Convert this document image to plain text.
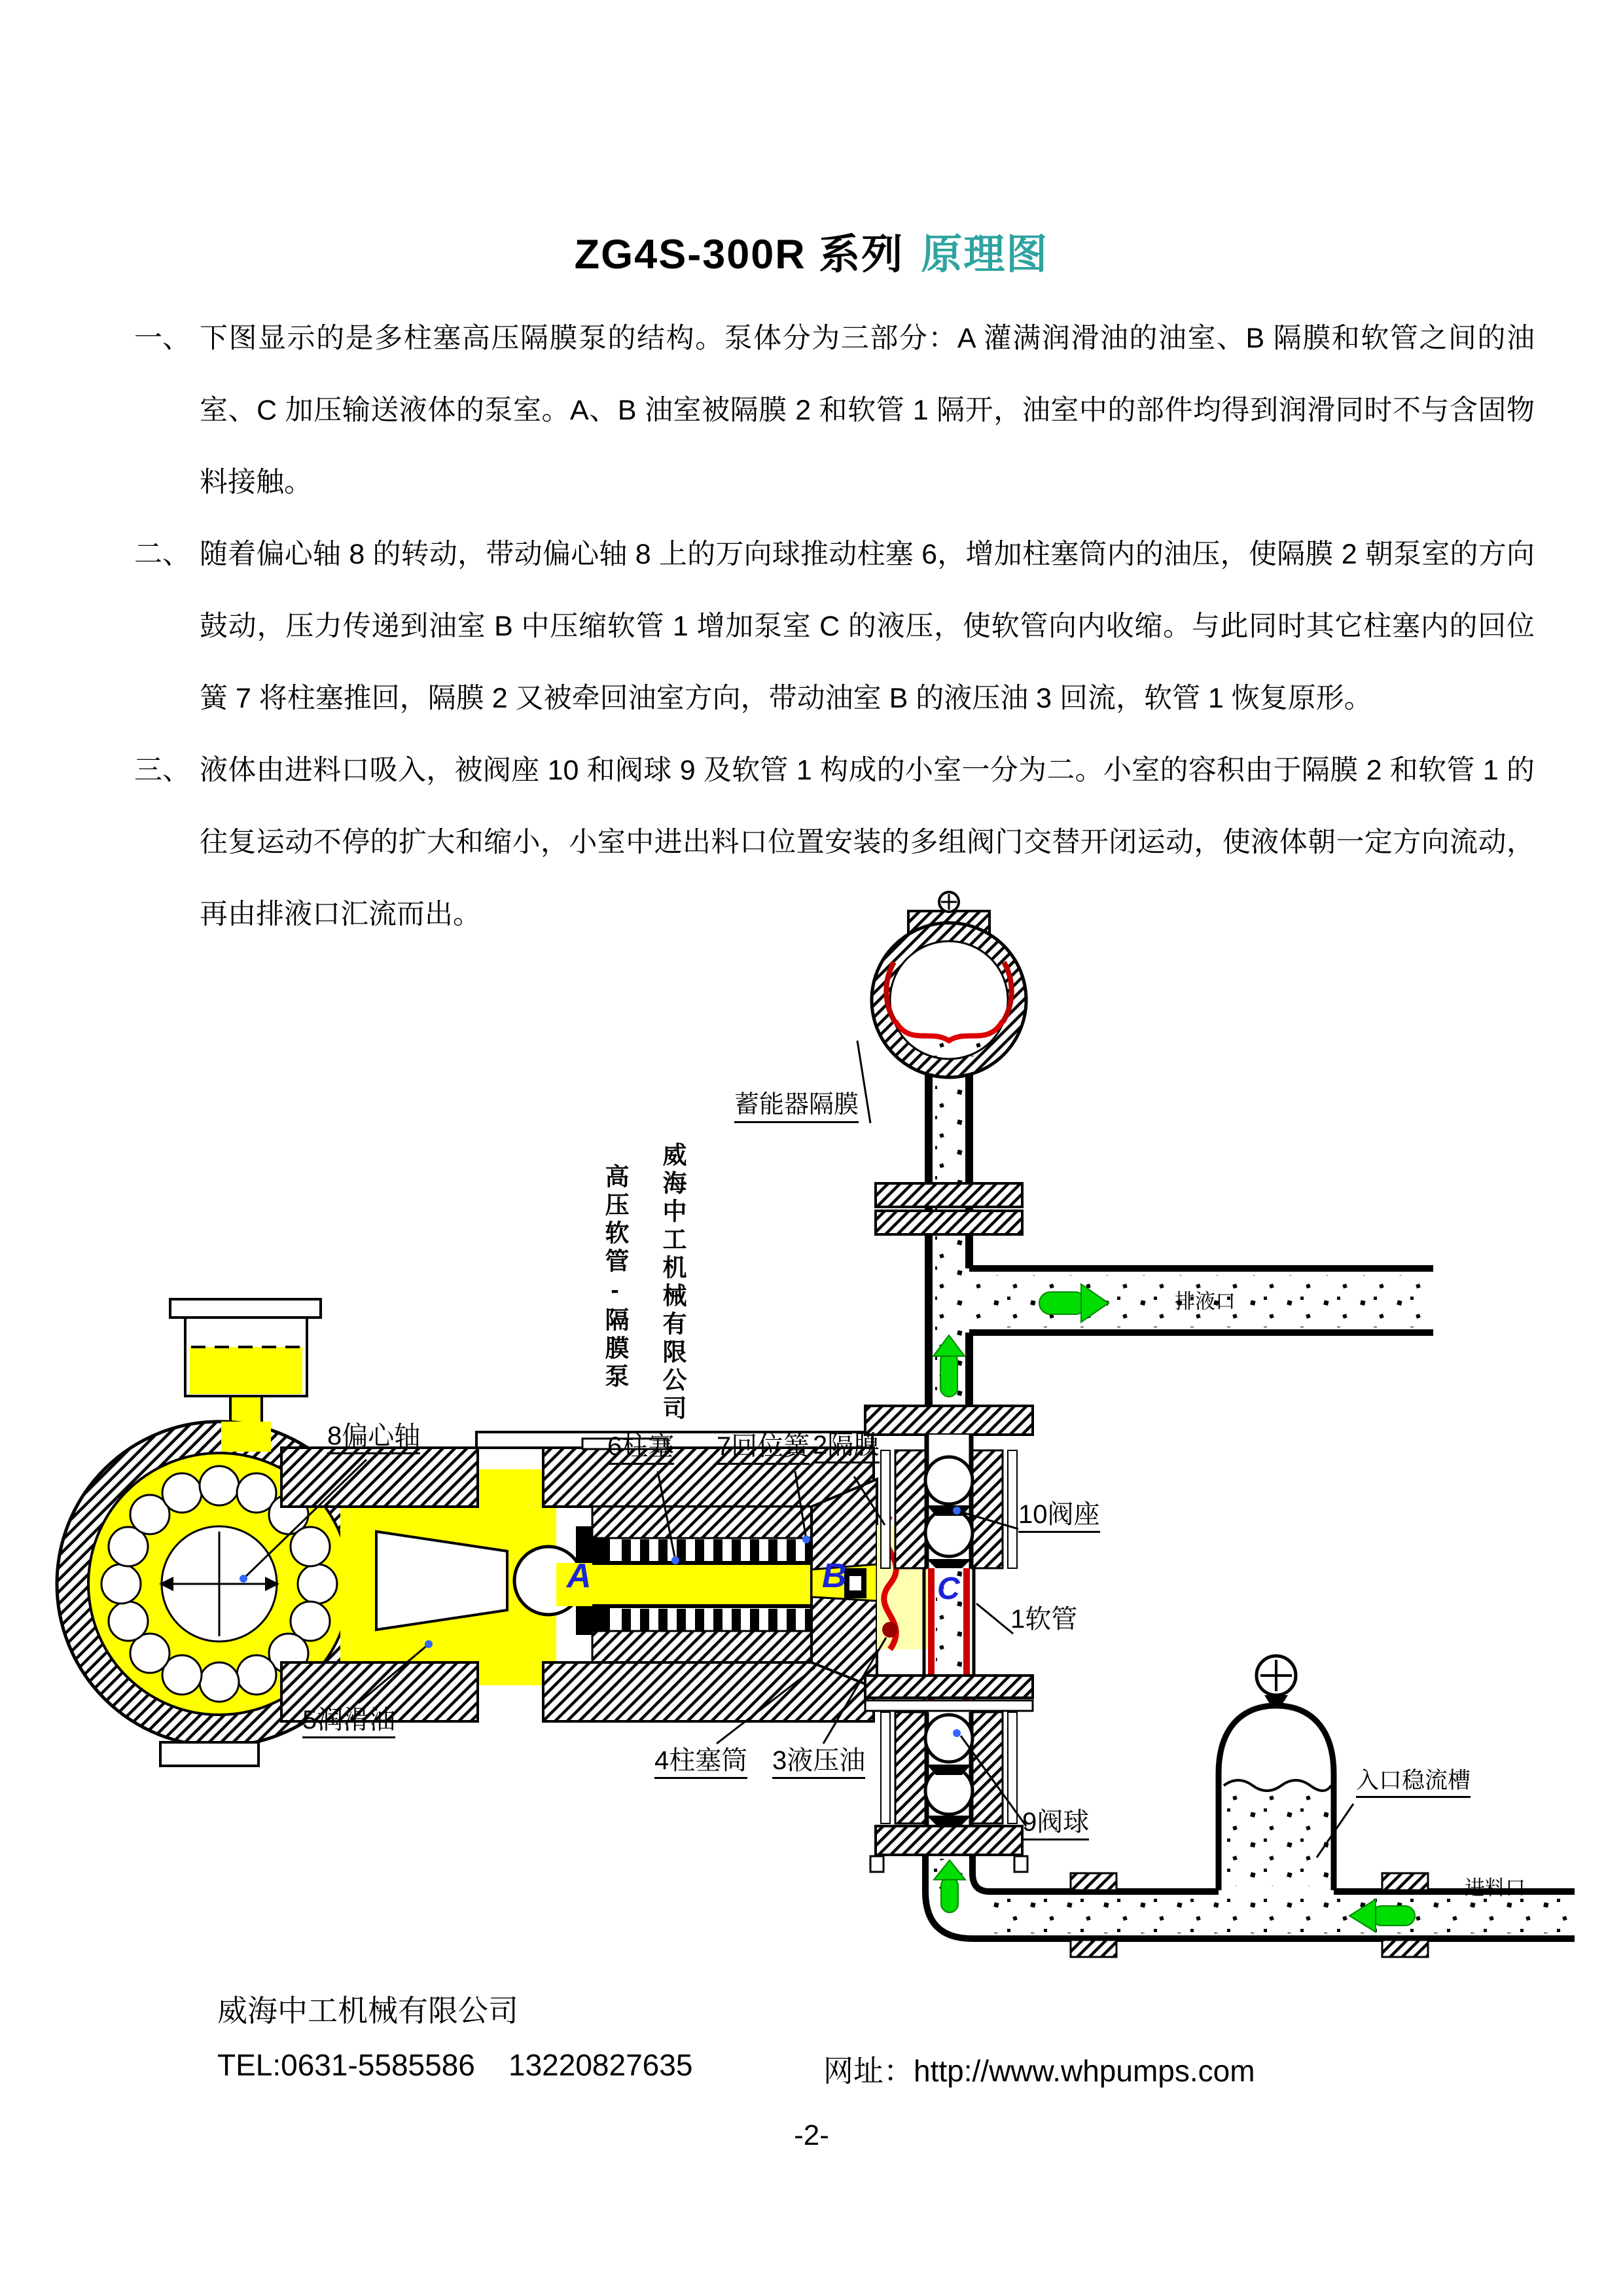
ZG4S-300R 系列 原理图
一、 下图显示的是多柱塞高压隔膜泵的结构。泵体分为三部分：A 灌满润滑油的油室、B 隔膜和软管之间的油室、C 加压输送液体的泵室。A、B 油室被隔膜 2 和软管 1 隔开，油室中的部件均得到润滑同时不与含固物料接触。
二、 随着偏心轴 8 的转动，带动偏心轴 8 上的万向球推动柱塞 6，增加柱塞筒内的油压，使隔膜 2 朝泵室的方向鼓动，压力传递到油室 B 中压缩软管 1 增加泵室 C 的液压，使软管向内收缩。与此同时其它柱塞内的回位簧 7 将柱塞推回，隔膜 2 又被牵回油室方向，带动油室 B 的液压油 3 回流，软管 1 恢复原形。
三、 液体由进料口吸入，被阀座 10 和阀球 9 及软管 1 构成的小室一分为二。小室的容积由于隔膜 2 和软管 1 的往复运动不停的扩大和缩小，小室中进出料口位置安装的多组阀门交替开闭运动，使液体朝一定方向流动，再由排液口汇流而出。
威海中工机械有限公司
高压软管-隔膜泵
蓄能器隔膜
排液口
进料口
入口稳流槽
8偏心轴	6柱塞 7回位簧 2隔膜
10阀座
1软管
9阀球
5润滑油
4柱塞筒 3液压油
A	B	C
威海中工机械有限公司
TEL:0631-5585586    13220827635	网址：http://www.whpumps.com
-2-
